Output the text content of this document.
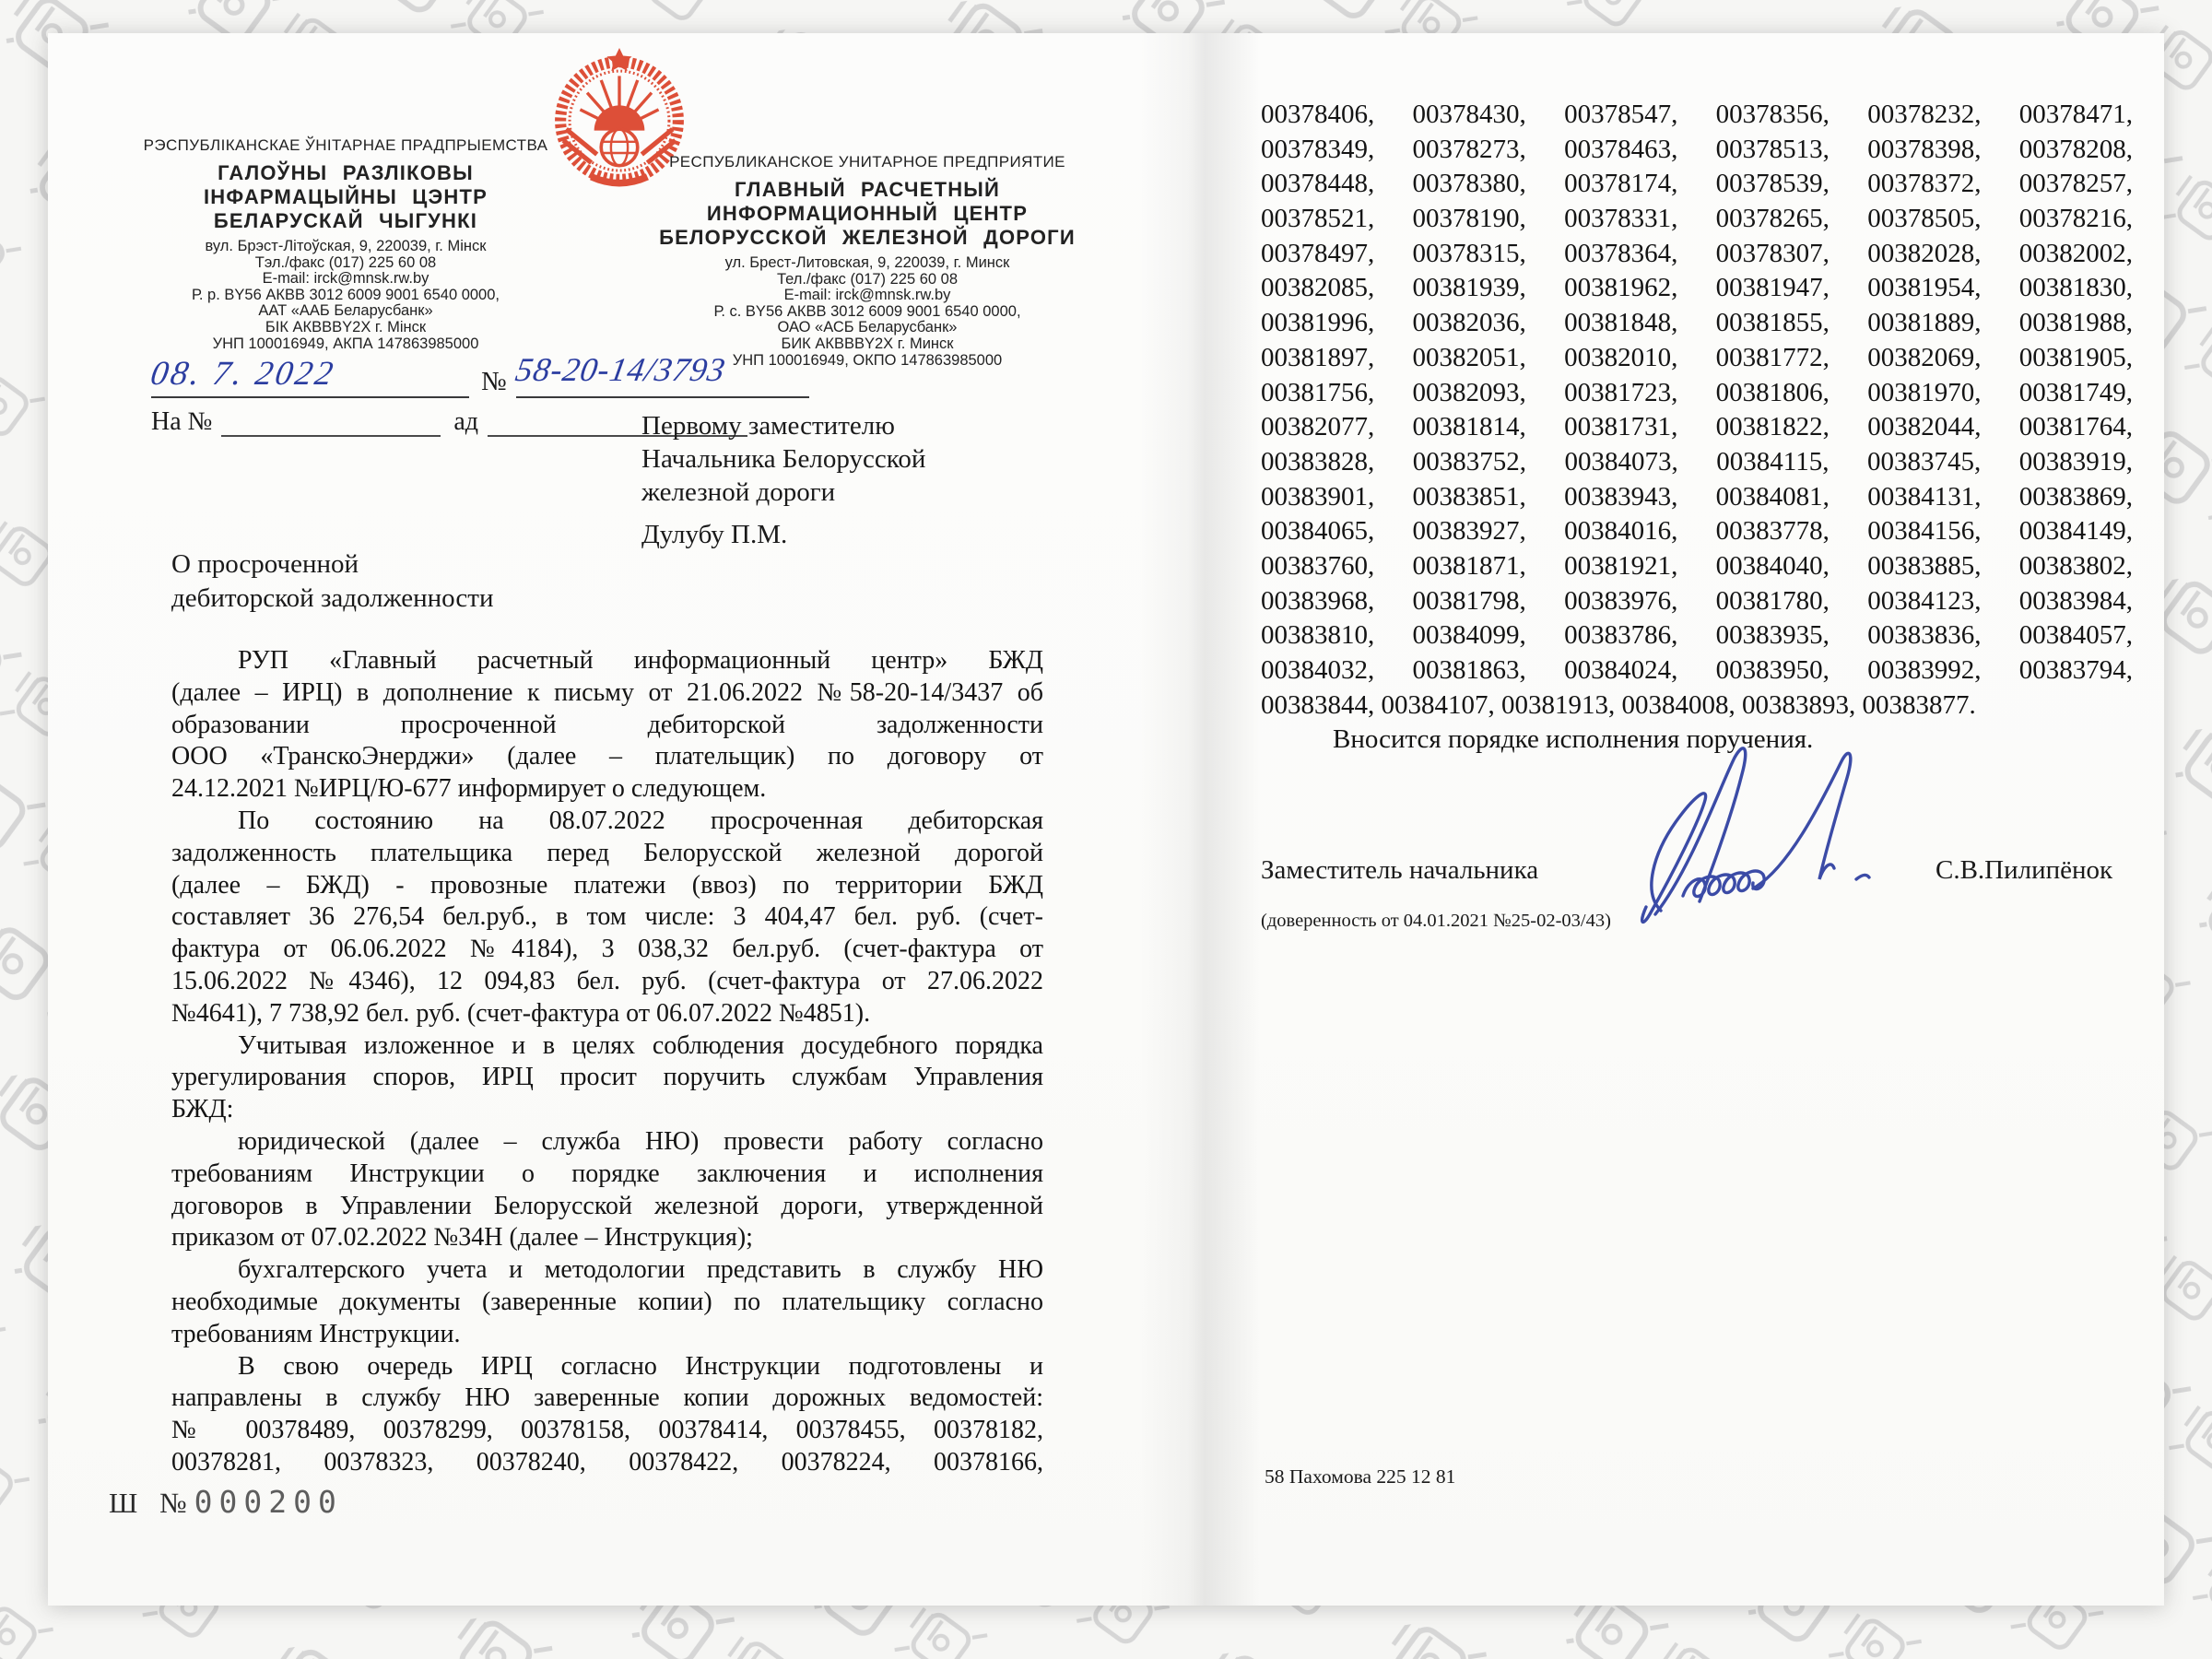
РЭСПУБЛІКАНСКАЕ ЎНІТАРНАЕ ПРАДПРЫЕМСТВА
ГАЛОЎНЫ РАЗЛІКОВЫ
ІНФАРМАЦЫЙНЫ ЦЭНТР
БЕЛАРУСКАЙ ЧЫГУНКІ
вул. Брэст-Літоўская, 9, 220039, г. Мінск
Тэл./факс (017) 225 60 08
E-mail: irck@mnsk.rw.by
Р. р. BY56 АКВВ 3012 6009 9001 6540 0000,
ААТ «ААБ Беларусбанк»
БІК АКВВВY2X г. Мінск
УНП 100016949, АКПА 147863985000
РЕСПУБЛИКАНСКОЕ УНИТАРНОЕ ПРЕДПРИЯТИЕ
ГЛАВНЫЙ РАСЧЕТНЫЙ
ИНФОРМАЦИОННЫЙ ЦЕНТР
БЕЛОРУССКОЙ ЖЕЛЕЗНОЙ ДОРОГИ
ул. Брест-Литовская, 9, 220039, г. Минск
Тел./факс (017) 225 60 08
E-mail: irck@mnsk.rw.by
Р. с. BY56 АКВВ 3012 6009 9001 6540 0000,
ОАО «АСБ Беларусбанк»
БИК АКВВВY2X г. Минск
УНП 100016949, ОКПО 147863985000
08. 7. 2022	№ 58-20-14/3793
На №	ад	Первому заместителю
Начальника Белорусской
железной дороги
Дулубу П.М.
О просроченной
дебиторской задолженности
РУП «Главный расчетный информационный центр» БЖД
(далее – ИРЦ) в дополнение к письму от 21.06.2022 №58-20-14/3437 об
образовании просроченной дебиторской задолженности
ООО «ТранскоЭнерджи» (далее – плательщик) по договору от
24.12.2021 №ИРЦ/Ю-677 информирует о следующем.
По состоянию на 08.07.2022 просроченная дебиторская
задолженность плательщика перед Белорусской железной дорогой
(далее – БЖД) - провозные платежи (ввоз) по территории БЖД
составляет 36 276,54 бел.руб., в том числе: 3 404,47 бел. руб. (счет-
фактура от 06.06.2022 №4184), 3 038,32 бел.руб. (счет-фактура от
15.06.2022 №4346), 12 094,83 бел. руб. (счет-фактура от 27.06.2022
№4641), 7 738,92 бел. руб. (счет-фактура от 06.07.2022 №4851).
Учитывая изложенное и в целях соблюдения досудебного порядка
урегулирования споров, ИРЦ просит поручить службам Управления
БЖД:
юридической (далее – служба НЮ) провести работу согласно
требованиям Инструкции о порядке заключения и исполнения
договоров в Управлении Белорусской железной дороги, утвержденной
приказом от 07.02.2022 №34Н (далее – Инструкция);
бухгалтерского учета и методологии представить в службу НЮ
необходимые документы (заверенные копии) по плательщику согласно
требованиям Инструкции.
В свою очередь ИРЦ согласно Инструкции подготовлены и
направлены в службу НЮ заверенные копии дорожных ведомостей:
№ 00378489, 00378299, 00378158, 00378414, 00378455, 00378182,
00378281, 00378323, 00378240, 00378422, 00378224, 00378166,
Ш № 000200
00378406, 00378430, 00378547, 00378356, 00378232, 00378471,
00378349, 00378273, 00378463, 00378513, 00378398, 00378208,
00378448, 00378380, 00378174, 00378539, 00378372, 00378257,
00378521, 00378190, 00378331, 00378265, 00378505, 00378216,
00378497, 00378315, 00378364, 00378307, 00382028, 00382002,
00382085, 00381939, 00381962, 00381947, 00381954, 00381830,
00381996, 00382036, 00381848, 00381855, 00381889, 00381988,
00381897, 00382051, 00382010, 00381772, 00382069, 00381905,
00381756, 00382093, 00381723, 00381806, 00381970, 00381749,
00382077, 00381814, 00381731, 00381822, 00382044, 00381764,
00383828, 00383752, 00384073, 00384115, 00383745, 00383919,
00383901, 00383851, 00383943, 00384081, 00384131, 00383869,
00384065, 00383927, 00384016, 00383778, 00384156, 00384149,
00383760, 00381871, 00381921, 00384040, 00383885, 00383802,
00383968, 00381798, 00383976, 00381780, 00384123, 00383984,
00383810, 00384099, 00383786, 00383935, 00383836, 00384057,
00384032, 00381863, 00384024, 00383950, 00383992, 00383794,
00383844, 00384107, 00381913, 00384008, 00383893, 00383877.
Вносится порядке исполнения поручения.
Заместитель начальника	С.В.Пилипёнок
(доверенность от 04.01.2021 №25-02-03/43)
58 Пахомова 225 12 81
